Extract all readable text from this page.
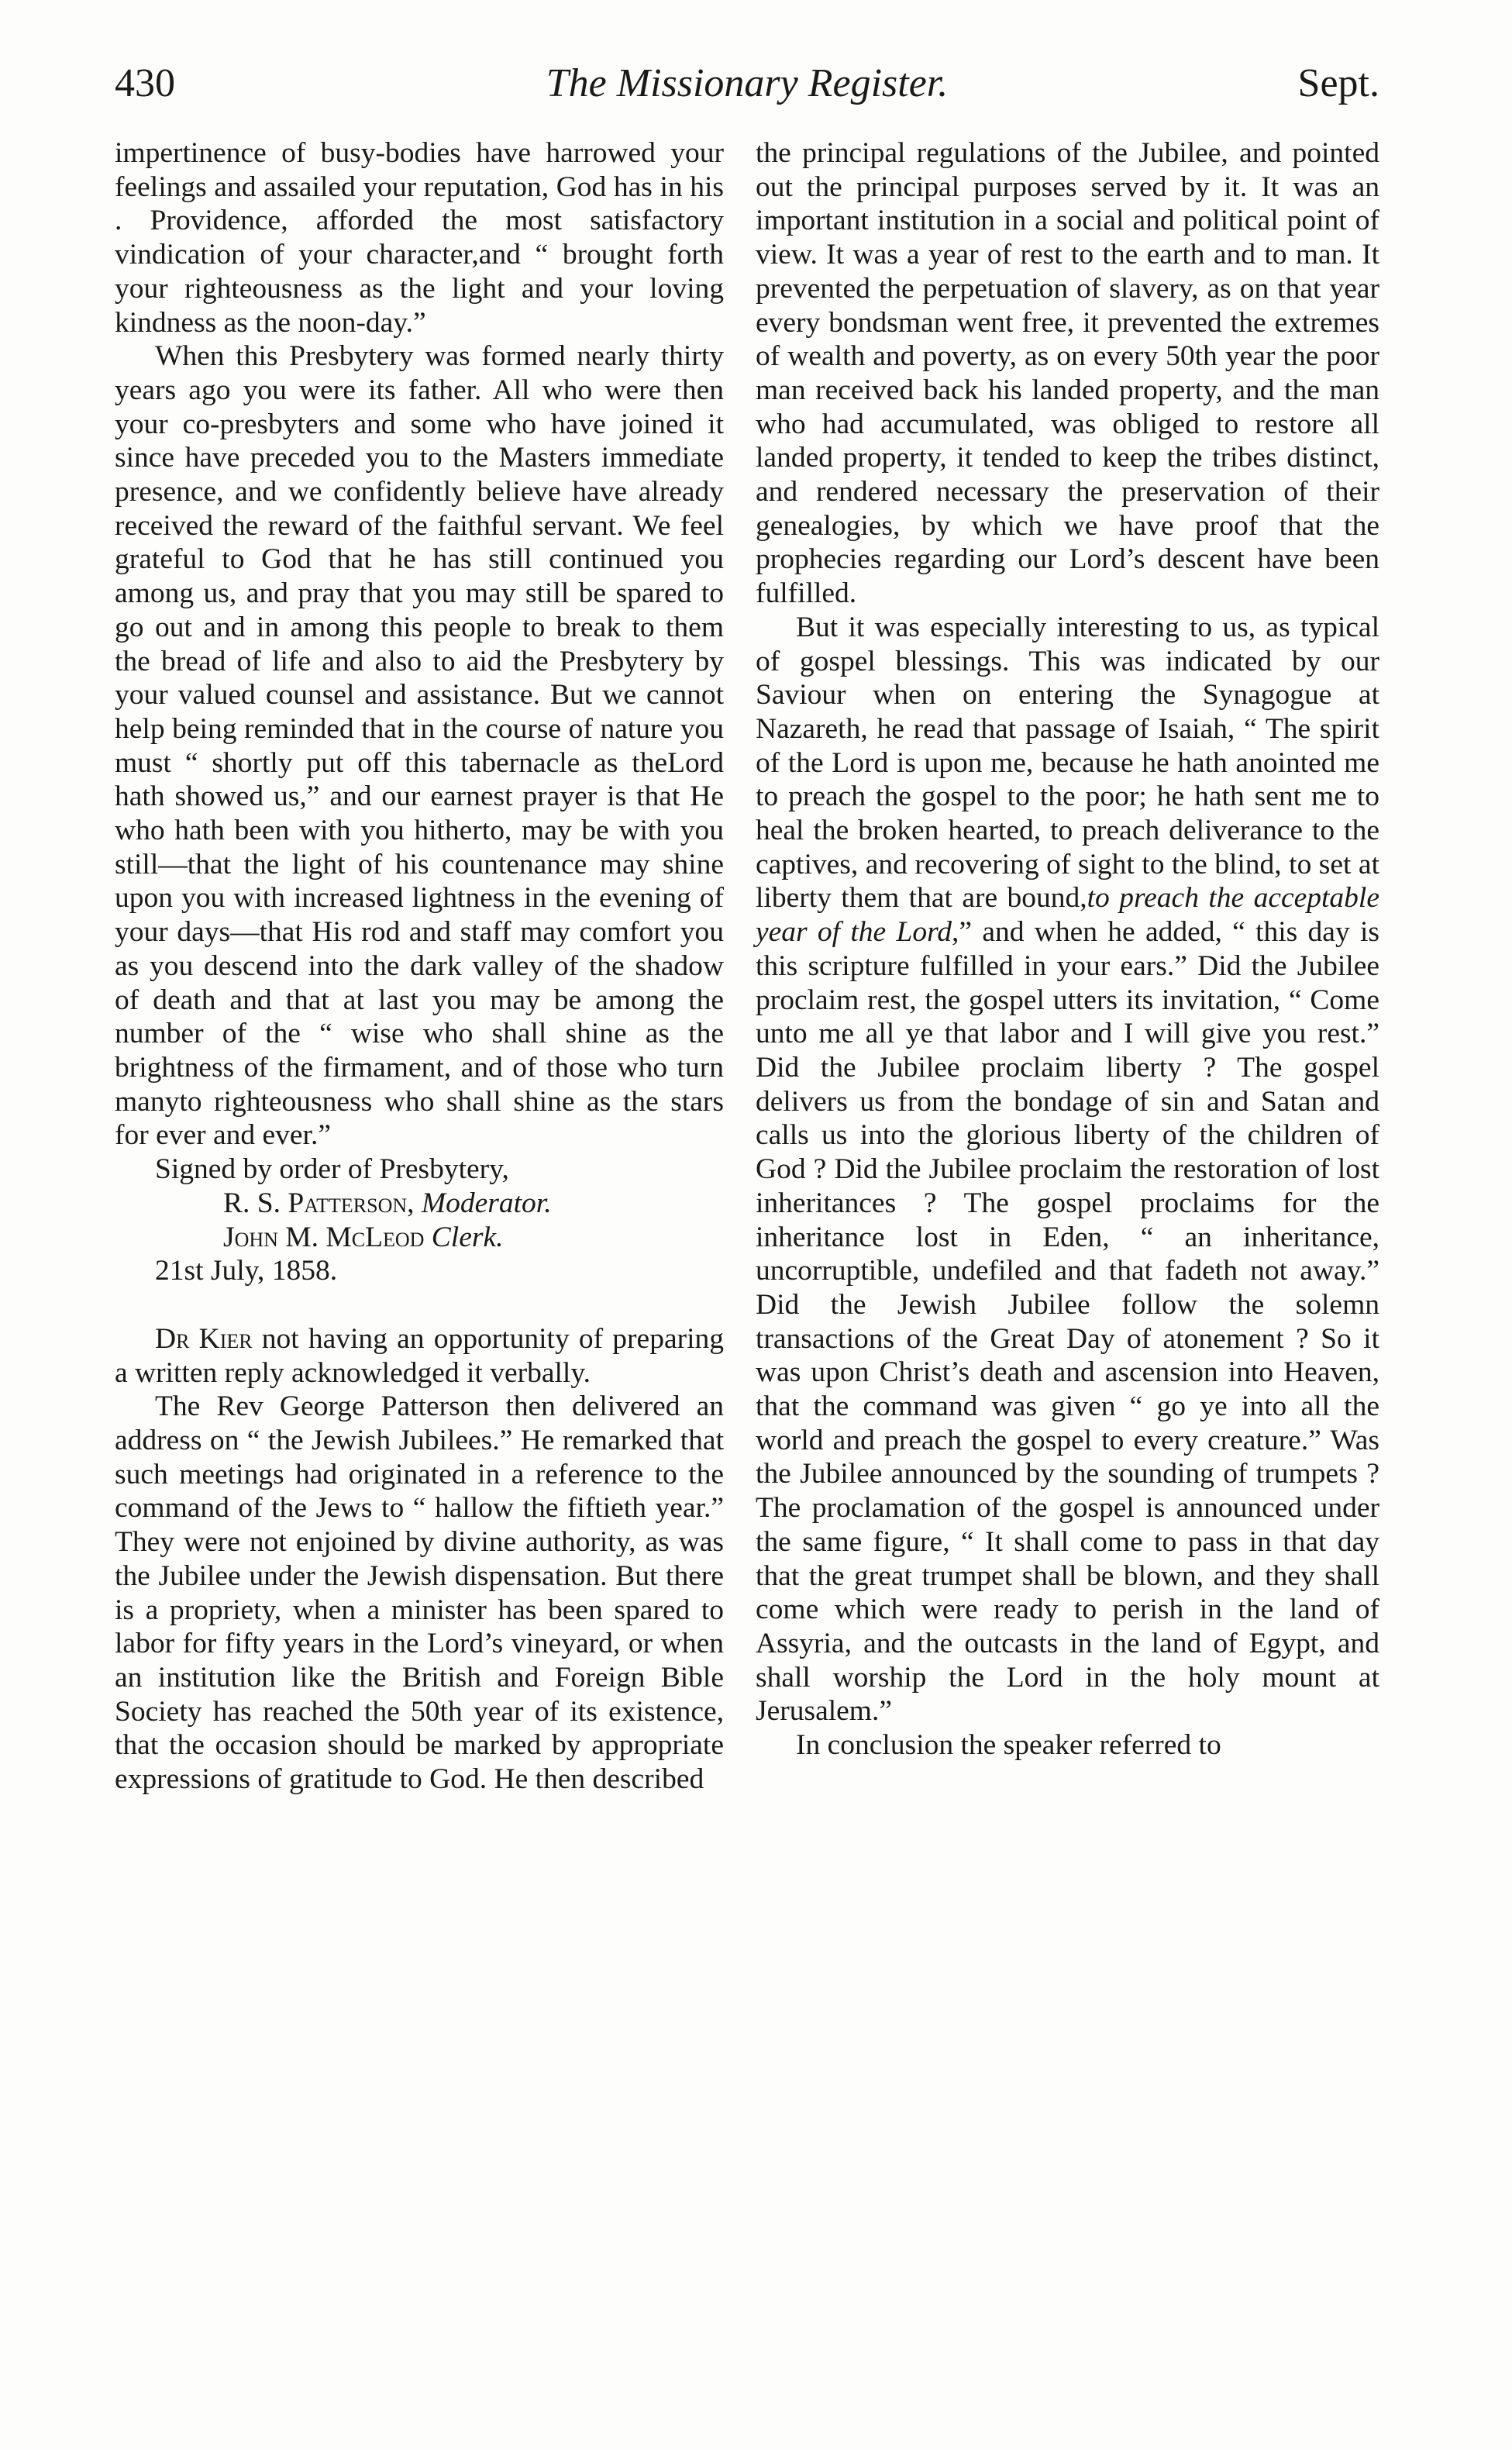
430	The Missionary Register.	Sept.

impertinence of busy-bodies have harrowed your feelings and assailed your reputation, God has in his . Providence, afforded the most satisfactory vindication of your character,and “ brought forth your righteousness as the light and your loving kindness as the noon-day.”

When this Presbytery was formed nearly thirty years ago you were its father. All who were then your co-presbyters and some who have joined it since have preceded you to the Masters immediate presence, and we confidently believe have already received the reward of the faithful servant. We feel grateful to God that he has still continued you among us, and pray that you may still be spared to go out and in among this people to break to them the bread of life and also to aid the Presbytery by your valued counsel and assistance. But we cannot help being reminded that in the course of nature you must “ shortly put off this tabernacle as theLord hath showed us,” and our earnest prayer is that He who hath been with you hitherto, may be with you still—that the light of his countenance may shine upon you with increased lightness in the evening of your days—that His rod and staff may comfort you as you descend into the dark valley of the shadow of death and that at last you may be among the number of the “ wise who shall shine as the brightness of the firmament, and of those who turn manyto righteousness who shall shine as the stars for ever and ever.”

Signed by order of Presbytery,

R. S. Patterson, Moderator.

John M. McLeod Clerk.

21st July, 1858.

Dr Kier not having an opportunity of preparing a written reply acknowledged it verbally.

The Rev George Patterson then delivered an address on “ the Jewish Jubilees.” He remarked that such meetings had originated in a reference to the command of the Jews to “ hallow the fiftieth year.” They were not enjoined by divine authority, as was the Jubilee under the Jewish dispensation. But there is a propriety, when a minister has been spared to labor for fifty years in the Lord’s vineyard, or when an institution like the British and Foreign Bible Society has reached the 50th year of its existence, that the occasion should be marked by appropriate expressions of gratitude to God. He then described

the principal regulations of the Jubilee, and pointed out the principal purposes served by it. It was an important institution in a social and political point of view. It was a year of rest to the earth and to man. It prevented the perpetuation of slavery, as on that year every bondsman went free, it prevented the extremes of wealth and poverty, as on every 50th year the poor man received back his landed property, and the man who had accumulated, was obliged to restore all landed property, it tended to keep the tribes distinct, and rendered necessary the preservation of their genealogies, by which we have proof that the prophecies regarding our Lord’s descent have been fulfilled.

But it was especially interesting to us, as typical of gospel blessings. This was indicated by our Saviour when on entering the Synagogue at Nazareth, he read that passage of Isaiah, “ The spirit of the Lord is upon me, because he hath anointed me to preach the gospel to the poor; he hath sent me to heal the broken hearted, to preach deliverance to the captives, and recovering of sight to the blind, to set at liberty them that are bound,to preach the acceptable year of the Lord,” and when he added, “ this day is this scripture fulfilled in your ears.” Did the Jubilee proclaim rest, the gospel utters its invitation, “ Come unto me all ye that labor and I will give you rest.” Did the Jubilee proclaim liberty ? The gospel delivers us from the bondage of sin and Satan and calls us into the glorious liberty of the children of God ? Did the Jubilee proclaim the restoration of lost inheritances ? The gospel proclaims for the inheritance lost in Eden, “ an inheritance, uncorruptible, undefiled and that fadeth not away.” Did the Jewish Jubilee follow the solemn transactions of the Great Day of atonement ? So it was upon Christ’s death and ascension into Heaven, that the command was given “ go ye into all the world and preach the gospel to every creature.” Was the Jubilee announced by the sounding of trumpets ? The proclamation of the gospel is announced under the same figure, “ It shall come to pass in that day that the great trumpet shall be blown, and they shall come which were ready to perish in the land of Assyria, and the outcasts in the land of Egypt, and shall worship the Lord in the holy mount at Jerusalem.”

In conclusion the speaker referred to
